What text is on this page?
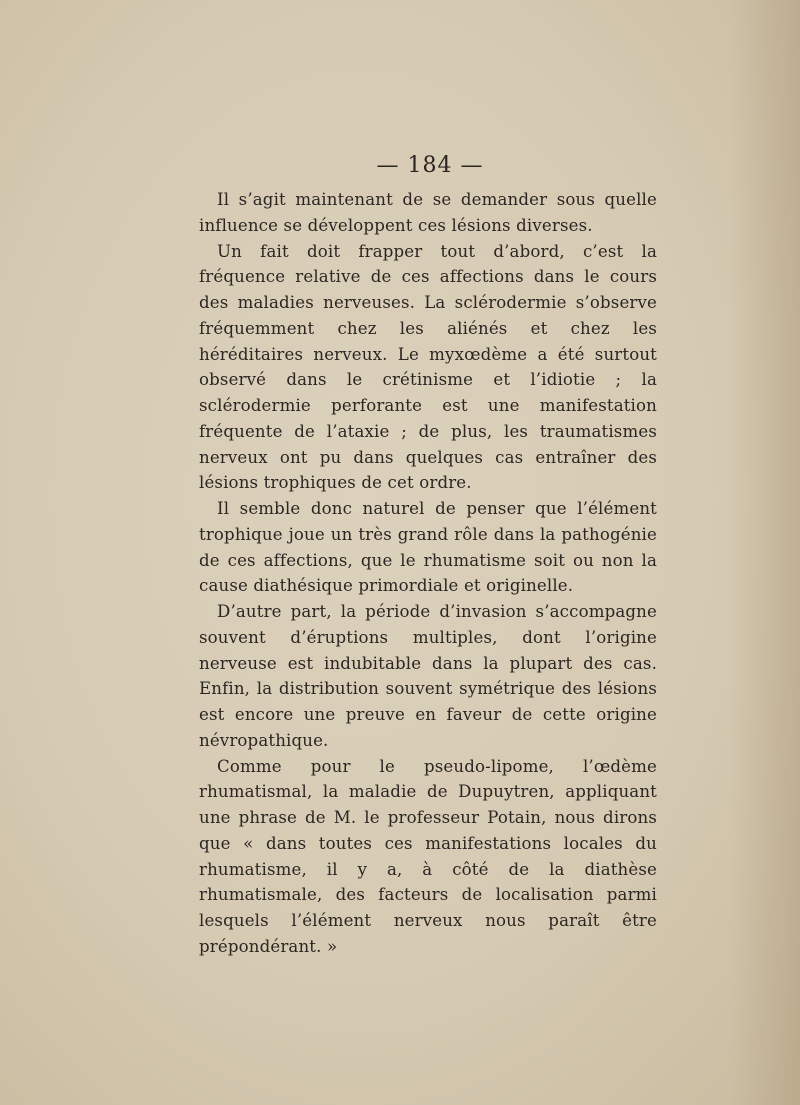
— 184 —

Il s’agit maintenant de se demander sous quelle influence se développent ces lésions diverses.

Un fait doit frapper tout d’abord, c’est la fréquence relative de ces affections dans le cours des maladies nerveuses. La sclérodermie s’observe fréquemment chez les aliénés et chez les héréditaires nerveux. Le myxœdème a été surtout observé dans le crétinisme et l’idiotie ; la sclérodermie perforante est une manifestation fréquente de l’ataxie ; de plus, les traumatismes nerveux ont pu dans quelques cas entraîner des lésions trophiques de cet ordre.

Il semble donc naturel de penser que l’élément trophique joue un très grand rôle dans la pathogénie de ces affections, que le rhumatisme soit ou non la cause diathésique primordiale et originelle.

D’autre part, la période d’invasion s’accompagne souvent d’éruptions multiples, dont l’origine nerveuse est indubitable dans la plupart des cas. Enfin, la distribution souvent symétrique des lésions est encore une preuve en faveur de cette origine névropathique.

Comme pour le pseudo-lipome, l’œdème rhumatismal, la maladie de Dupuytren, appliquant une phrase de M. le professeur Potain, nous dirons que « dans toutes ces manifestations locales du rhumatisme, il y a, à côté de la diathèse rhumatismale, des facteurs de localisation parmi lesquels l’élément nerveux nous paraît être prépondérant. »
